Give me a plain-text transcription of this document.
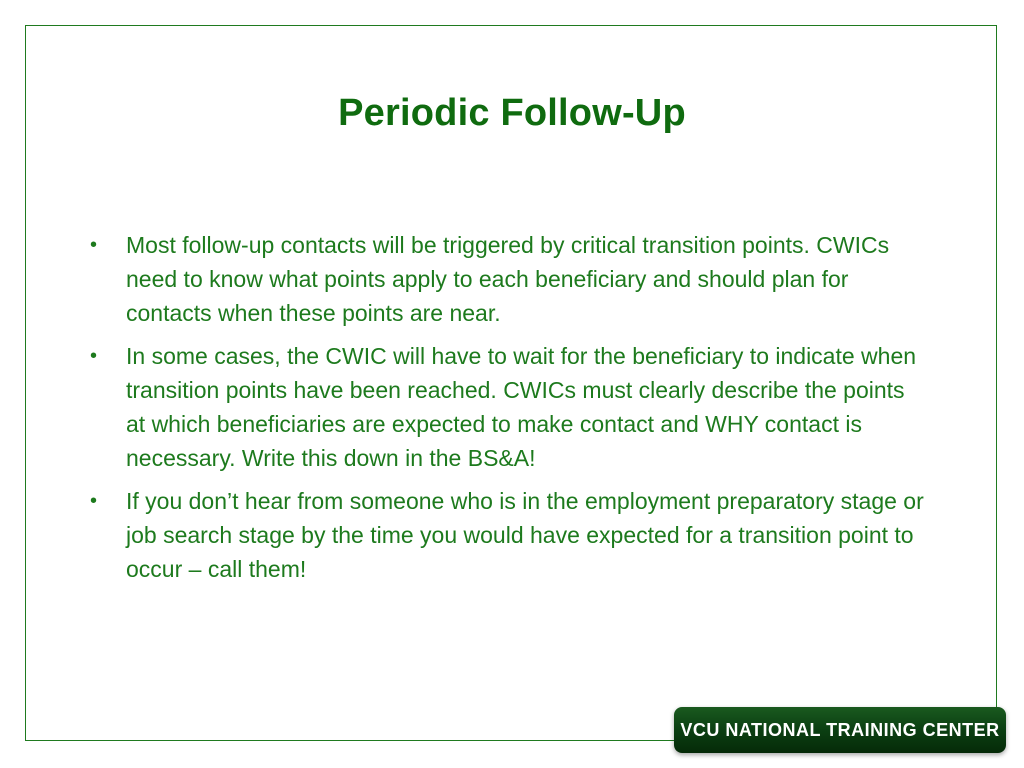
Periodic Follow-Up
•	Most follow-up contacts will be triggered by critical transition points. CWICs need to know what points apply to each beneficiary and should plan for contacts when these points are near.
•	In some cases, the CWIC will have to wait for the beneficiary to indicate when transition points have been reached. CWICs must clearly describe the points at which beneficiaries are expected to make contact and WHY contact is necessary. Write this down in the BS&A!
•	If you don’t hear from someone who is in the employment preparatory stage or job search stage by the time you would have expected for a transition point to occur – call them!
VCU NATIONAL TRAINING CENTER
